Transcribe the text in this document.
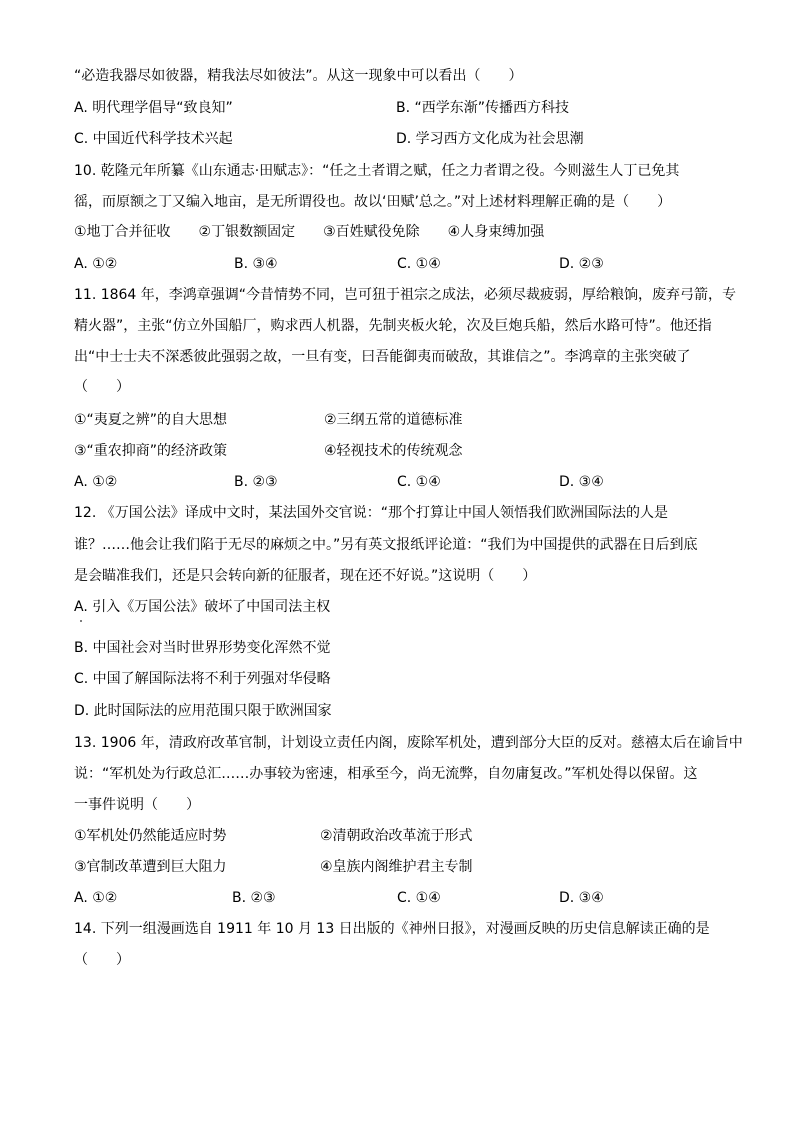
“必造我器尽如彼器，精我法尽如彼法”。从这一现象中可以看出（　　）
A. 明代理学倡导“致良知”	B. “西学东渐”传播西方科技
C. 中国近代科学技术兴起	D. 学习西方文化成为社会思潮
10. 乾隆元年所纂《山东通志·田赋志》：“任之土者谓之赋，任之力者谓之役。今则滋生人丁已免其
徭，而原额之丁又编入地亩，是无所谓役也。故以‘田赋’总之。”对上述材料理解正确的是（　　）
①地丁合并征收　　②丁银数额固定　　③百姓赋役免除　　④人身束缚加强
A. ①②	B. ③④	C. ①④	D. ②③
11. 1864 年，李鸿章强调“今昔情势不同，岂可狃于祖宗之成法，必须尽裁疲弱，厚给粮饷，废弃弓箭，专
精火器”，主张“仿立外国船厂，购求西人机器，先制夹板火轮，次及巨炮兵船，然后水路可恃”。他还指
出“中士士夫不深悉彼此强弱之故，一旦有变，曰吾能御夷而破敌，其谁信之”。李鸿章的主张突破了
（　　）
①“夷夏之辨”的自大思想	②三纲五常的道德标准
③“重农抑商”的经济政策	④轻视技术的传统观念
A. ①②	B. ②③	C. ①④	D. ③④
12. 《万国公法》译成中文时，某法国外交官说：“那个打算让中国人领悟我们欧洲国际法的人是
谁？……他会让我们陷于无尽的麻烦之中。”另有英文报纸评论道：“我们为中国提供的武器在日后到底
是会瞄准我们，还是只会转向新的征服者，现在还不好说。”这说明（　　）
A. 引入《万国公法》破坏了中国司法主权
B. 中国社会对当时世界形势变化浑然不觉
C. 中国了解国际法将不利于列强对华侵略
D. 此时国际法的应用范围只限于欧洲国家
13. 1906 年，清政府改革官制，计划设立责任内阁，废除军机处，遭到部分大臣的反对。慈禧太后在谕旨中
说：“军机处为行政总汇……办事较为密速，相承至今，尚无流弊，自勿庸复改。”军机处得以保留。这
一事件说明（　　）
①军机处仍然能适应时势	②清朝政治改革流于形式
③官制改革遭到巨大阻力	④皇族内阁维护君主专制
A. ①②	B. ②③	C. ①④	D. ③④
14. 下列一组漫画选自 1911 年 10 月 13 日出版的《神州日报》，对漫画反映的历史信息解读正确的是
（　　）
